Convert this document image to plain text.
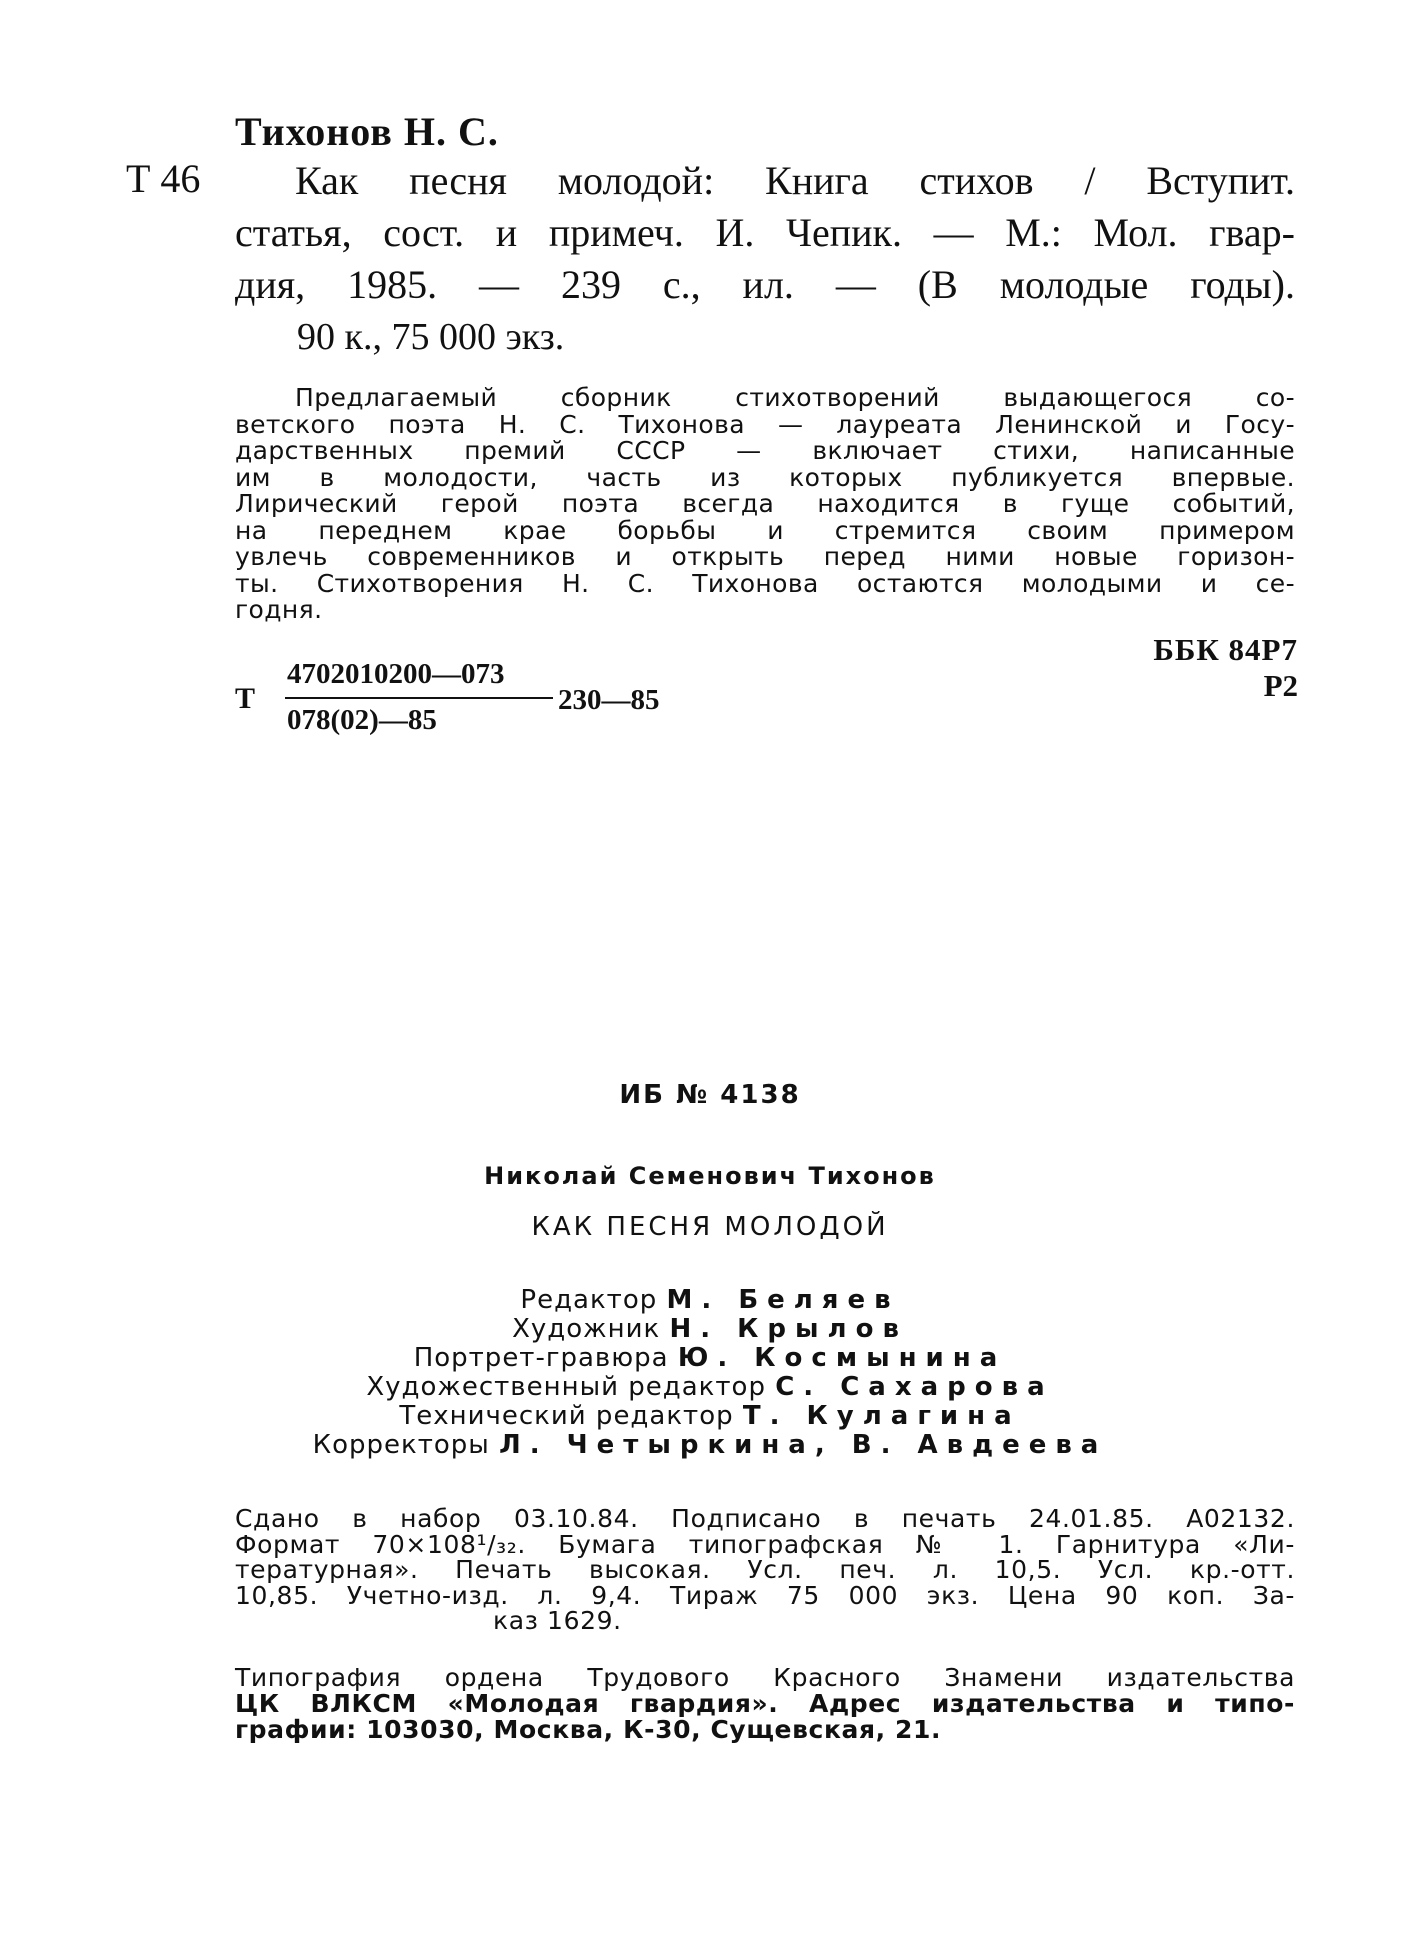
Тихонов Н. С.
Т 46	Как песня молодой: Книга стихов / Вступит.
статья, сост. и примеч. И. Чепик. — М.: Мол. гвар-
дия, 1985. — 239 с., ил. — (В молодые годы).
90 к., 75 000 экз.
Предлагаемый сборник стихотворений выдающегося со-
ветского поэта Н. С. Тихонова — лауреата Ленинской и Госу-
дарственных премий СССР — включает стихи, написанные
им в молодости, часть из которых публикуется впервые.
Лирический герой поэта всегда находится в гуще событий,
на переднем крае борьбы и стремится своим примером
увлечь современников и открыть перед ними новые горизон-
ты. Стихотворения Н. С. Тихонова остаются молодыми и се-
годня.
ББК 84Р7
Р2
Т
4702010200—073
078(02)—85
230—85
ИБ № 4138
Николай Семенович Тихонов
КАК ПЕСНЯ МОЛОДОЙ
Редактор М. Беляев
Художник Н. Крылов
Портрет-гравюра Ю. Космынина
Художественный редактор С. Сахарова
Технический редактор Т. Кулагина
Корректоры Л. Четыркина, В. Авдеева
Сдано в набор 03.10.84. Подписано в печать 24.01.85. А02132.
Формат 70×108¹/₃₂. Бумага типографская № 1. Гарнитура «Ли-
тературная». Печать высокая. Усл. печ. л. 10,5. Усл. кр.-отт.
10,85. Учетно-изд. л. 9,4. Тираж 75 000 экз. Цена 90 коп. За-
каз 1629.
Типография ордена Трудового Красного Знамени издательства
ЦК ВЛКСМ «Молодая гвардия». Адрес издательства и типо-
графии: 103030, Москва, К-30, Сущевская, 21.
